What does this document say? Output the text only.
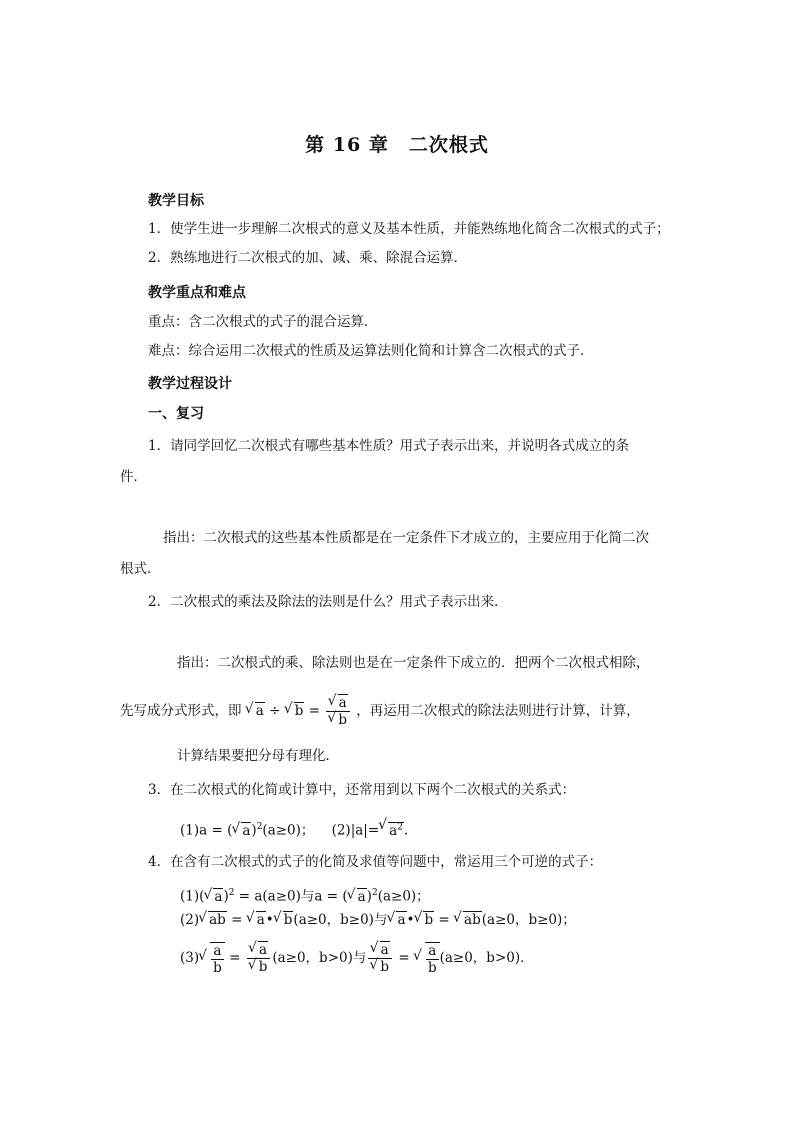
第 16 章　二次根式
教学目标
1．使学生进一步理解二次根式的意义及基本性质，并能熟练地化简含二次根式的式子；
2．熟练地进行二次根式的加、减、乘、除混合运算．
教学重点和难点
重点：含二次根式的式子的混合运算．
难点：综合运用二次根式的性质及运算法则化简和计算含二次根式的式子．
教学过程设计
一、复习
1．请同学回忆二次根式有哪些基本性质？用式子表示出来，并说明各式成立的条
件．
指出：二次根式的这些基本性质都是在一定条件下才成立的，主要应用于化简二次
根式．
2．二次根式的乘法及除法的法则是什么？用式子表示出来．
指出：二次根式的乘、除法则也是在一定条件下成立的．把两个二次根式相除，
先写成分式形式，即 √ a ÷ √ b = √ a
√ b ，再运用二次根式的除法法则进行计算，计算，
计算结果要把分母有理化．
3．在二次根式的化简或计算中，还常用到以下两个二次根式的关系式：
(1)a = ( √ a)$^2$(a≥0)； (2)|a|= √ $a^2$.
4．在含有二次根式的式子的化简及求值等问题中，常运用三个可逆的式子：
(1)( √ a)$^2$ = a(a≥0)与a = ( √ a)$^2$(a≥0)；
(2) √ ab = √ a• √ b(a≥0，b≥0)与 √ a• √ b = √ ab(a≥0，b≥0)；
(3) √ $\frac{a}{b}$ = √ a
√ b (a≥0，b>0)与 √ a
√ b = √ $\frac{a}{b} (a\ge 0$，b>0)．
